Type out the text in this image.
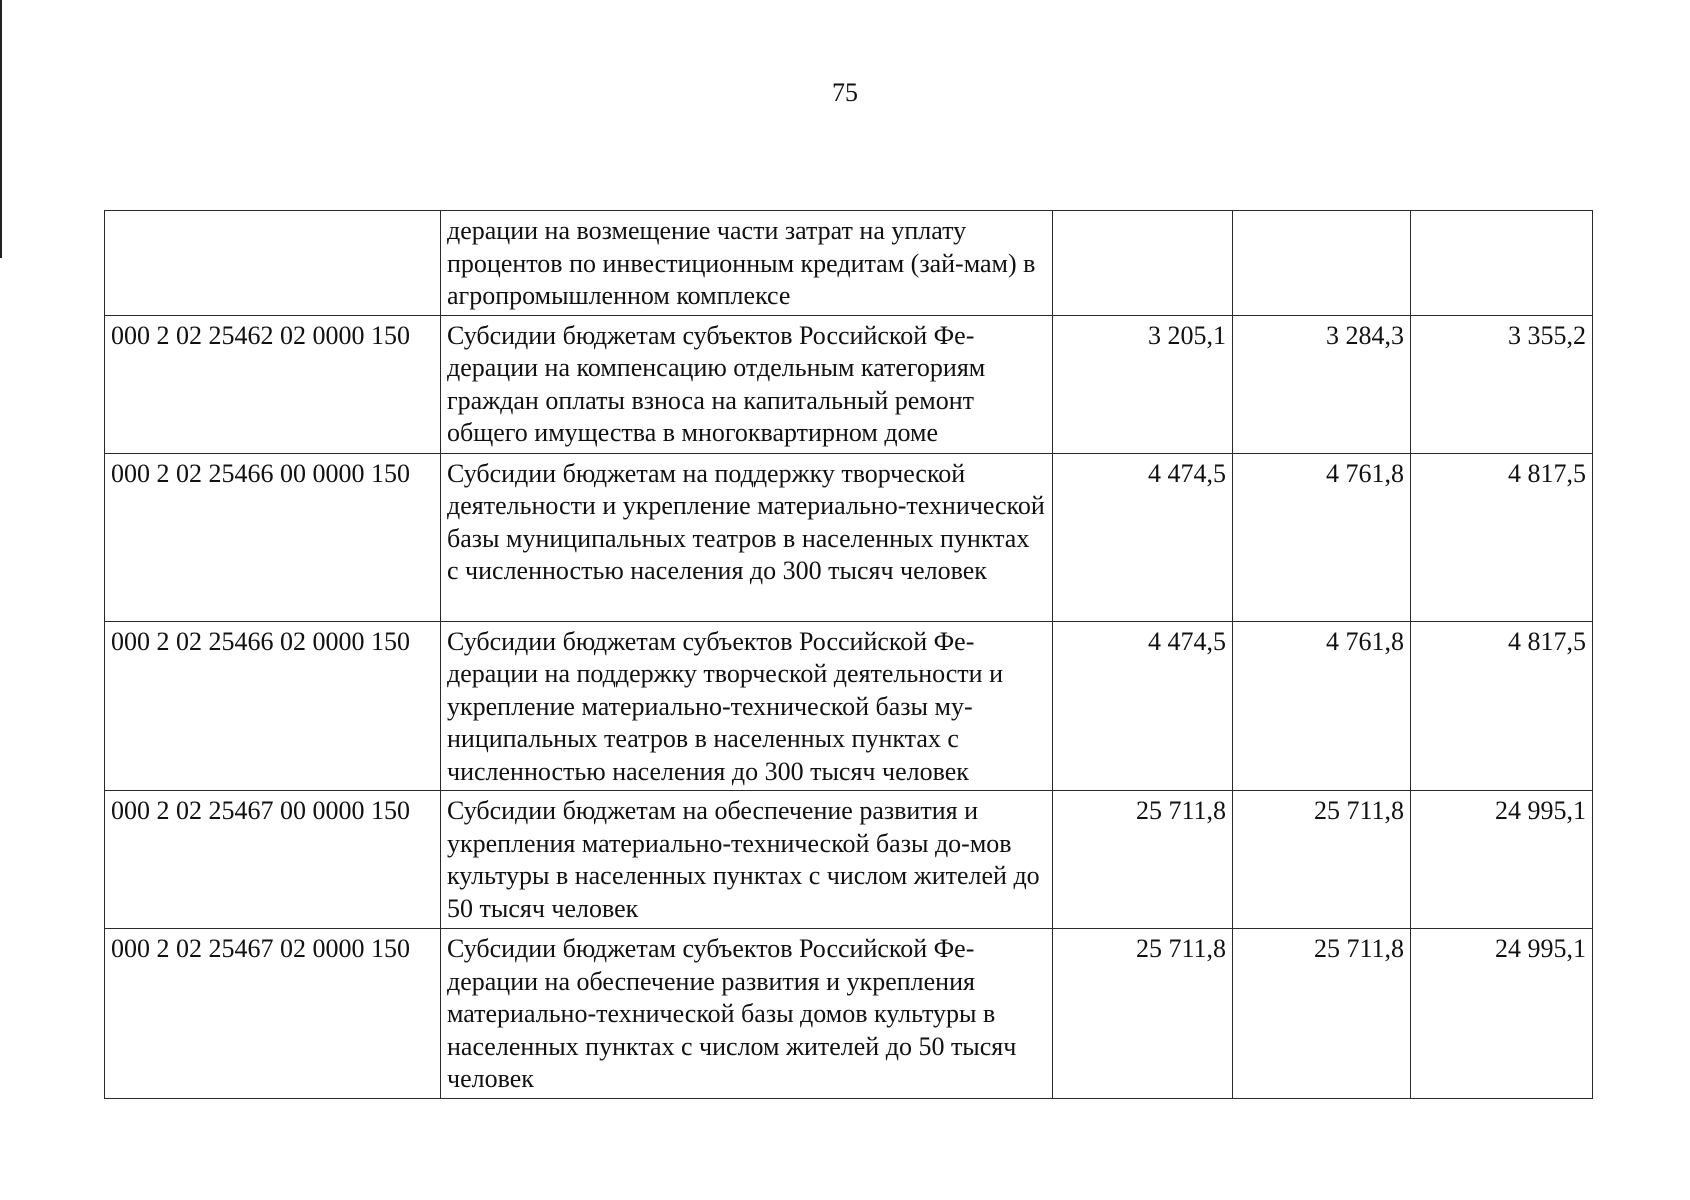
75
	дерации на возмещение части затрат на уплату процентов по инвестиционным кредитам (зай-мам) в агропромышленном комплексе			
000 2 02 25462 02 0000 150	Субсидии бюджетам субъектов Российской Фе-дерации на компенсацию отдельным категориям граждан оплаты взноса на капитальный ремонт общего имущества в многоквартирном доме	3 205,1	3 284,3	3 355,2
000 2 02 25466 00 0000 150	Субсидии бюджетам на поддержку творческой деятельности и укрепление материально-технической базы муниципальных театров в населенных пунктах с численностью населения до 300 тысяч человек	4 474,5	4 761,8	4 817,5
000 2 02 25466 02 0000 150	Субсидии бюджетам субъектов Российской Фе-дерации на поддержку творческой деятельности и укрепление материально-технической базы му-ниципальных театров в населенных пунктах с численностью населения до 300 тысяч человек	4 474,5	4 761,8	4 817,5
000 2 02 25467 00 0000 150	Субсидии бюджетам на обеспечение развития и укрепления материально-технической базы до-мов культуры в населенных пунктах с числом жителей до 50 тысяч человек	25 711,8	25 711,8	24 995,1
000 2 02 25467 02 0000 150	Субсидии бюджетам субъектов Российской Фе-дерации на обеспечение развития и укрепления материально-технической базы домов культуры в населенных пунктах с числом жителей до 50 тысяч человек	25 711,8	25 711,8	24 995,1
